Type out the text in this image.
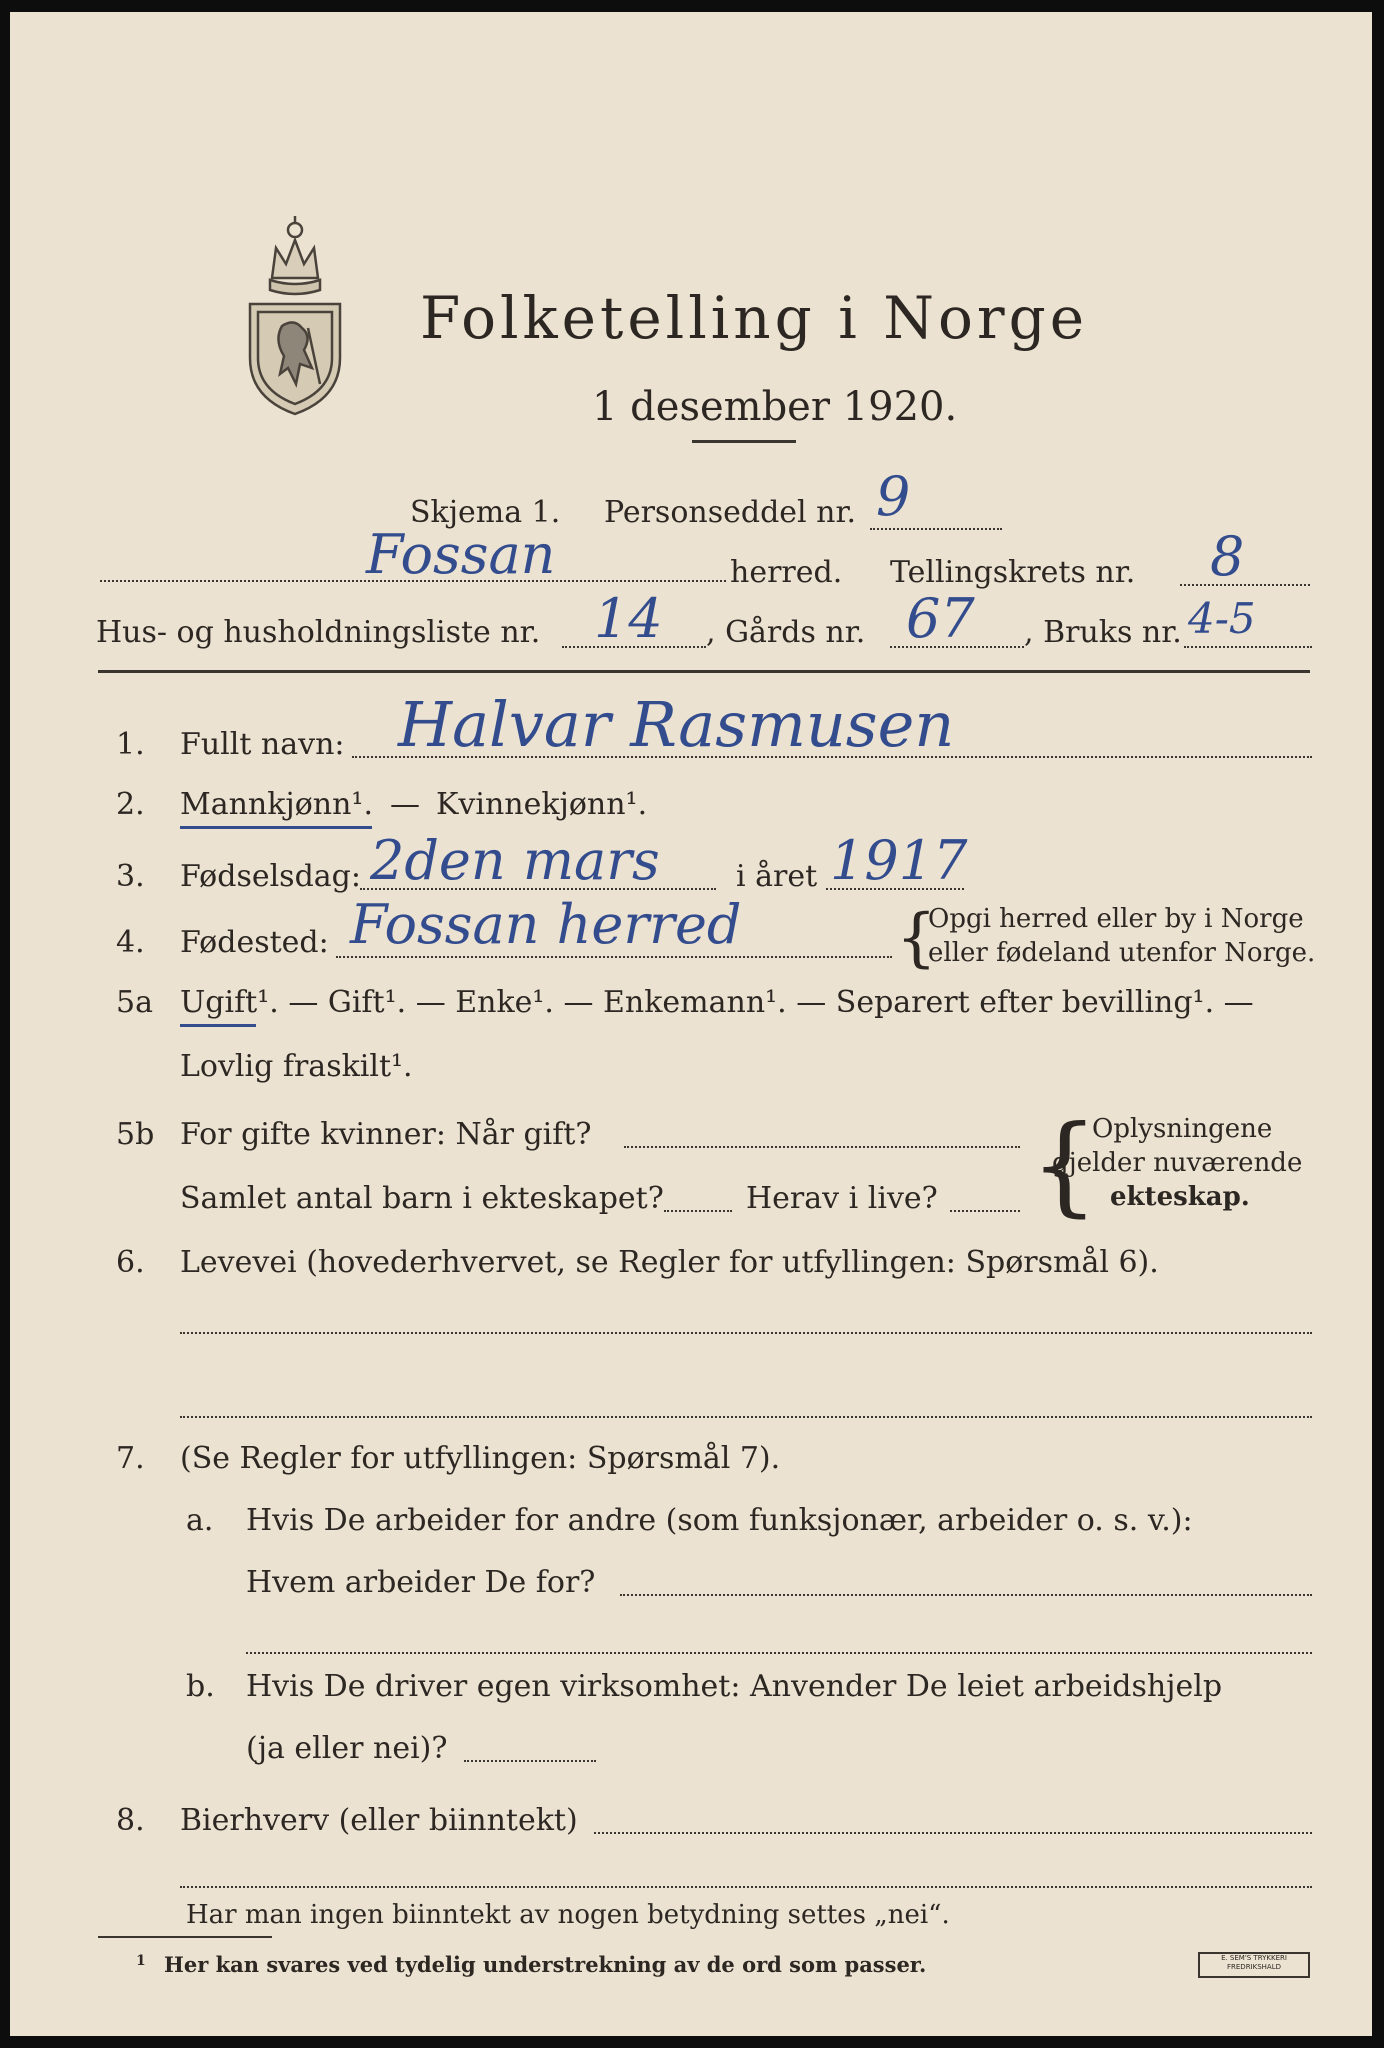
Folketelling i Norge
1 desember 1920.
Skjema 1. Personseddel nr. 9
Fossan	herred. Tellingskrets nr. 8
Hus- og husholdningsliste nr. 14 , Gårds nr. 67 , Bruks nr. 4-5
1. Fullt navn: Halvar Rasmusen
2. Mannkjønn¹. — Kvinnekjønn¹.
3. Fødselsdag: 2den mars	i året 1917
4. Fødested: Fossan herred {
Opgi herred eller by i Norge
eller fødeland utenfor Norge.
5a Ugift¹. — Gift¹. — Enke¹. — Enkemann¹. — Separert efter bevilling¹. —
Lovlig fraskilt¹.
5b For gifte kvinner: Når gift?
Samlet antal barn i ekteskapet?	Herav i live? {
Oplysningene
gjelder nuværende
ekteskap.
6. Levevei (hovederhvervet, se Regler for utfyllingen: Spørsmål 6).
7. (Se Regler for utfyllingen: Spørsmål 7).
a. Hvis De arbeider for andre (som funksjonær, arbeider o. s. v.):
Hvem arbeider De for?
b. Hvis De driver egen virksomhet: Anvender De leiet arbeidshjelp
(ja eller nei)?
8. Bierhverv (eller biinntekt)
Har man ingen biinntekt av nogen betydning settes „nei“.
1 Her kan svares ved tydelig understrekning av de ord som passer.	E. SEM'S TRYKKERI
FREDRIKSHALD
